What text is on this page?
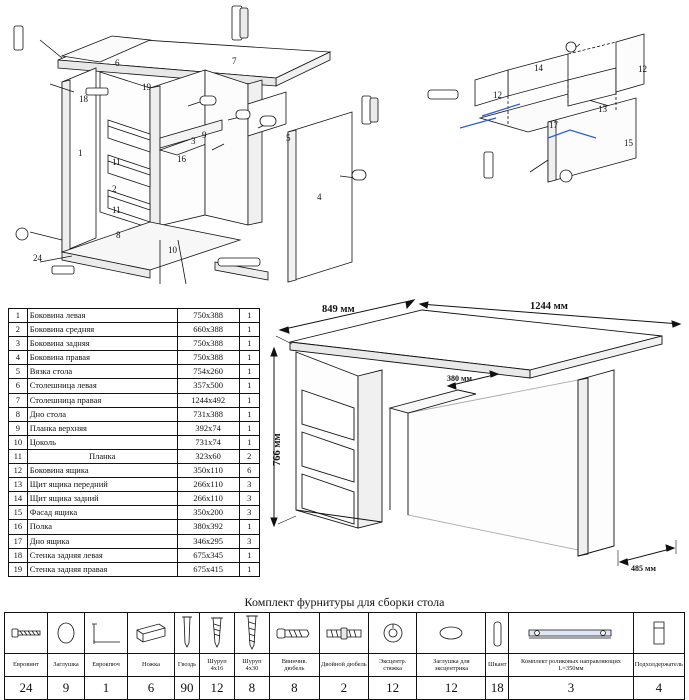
6
19
7
18
11	16
3	5
2
1
11
8
10
9
4
24
14	12
12
13
17
15
1	Боковина левая	750x388	1
2	Боковина средняя	660x388	1
3	Боковина задняя	750x388	1
4	Боковина правая	750x388	1
5	Вязка стола	754x260	1
6	Столешница левая	357x500	1
7	Столешница правая	1244x492	1
8	Дно стола	731x388	1
9	Планка верхняя	392x74	1
10	Цоколь	731x74	1
11	Планка	323x60	2
12	Боковина ящика	350x110	6
13	Щит ящика передний	266x110	3
14	Щит ящика задний	266x110	3
15	Фасад ящика	350x200	3
16	Полка	380x392	1
17	Дно ящика	346x295	3
18	Стенка задняя левая	675x345	1
19	Стенка задняя правая	675x415	1
1244 мм
849 мм
766 мм
380 мм
485 мм
Комплект фурнитуры для сборки стола

Евровинт	Заглушка	Еврокпюч	Ножка	Гвоздь	Шуруп 4х16	Шуруп 4х30	Ввинчив. дюбель	Двойной дюбель	Эксцентр. стяжка	Заглушка для эксцентрика	Шкант	Комплект роликовых направляющих L=350мм	Подхолдержатель
24	9	1	6	90	12	8	8	2	12	12	18	3	4
